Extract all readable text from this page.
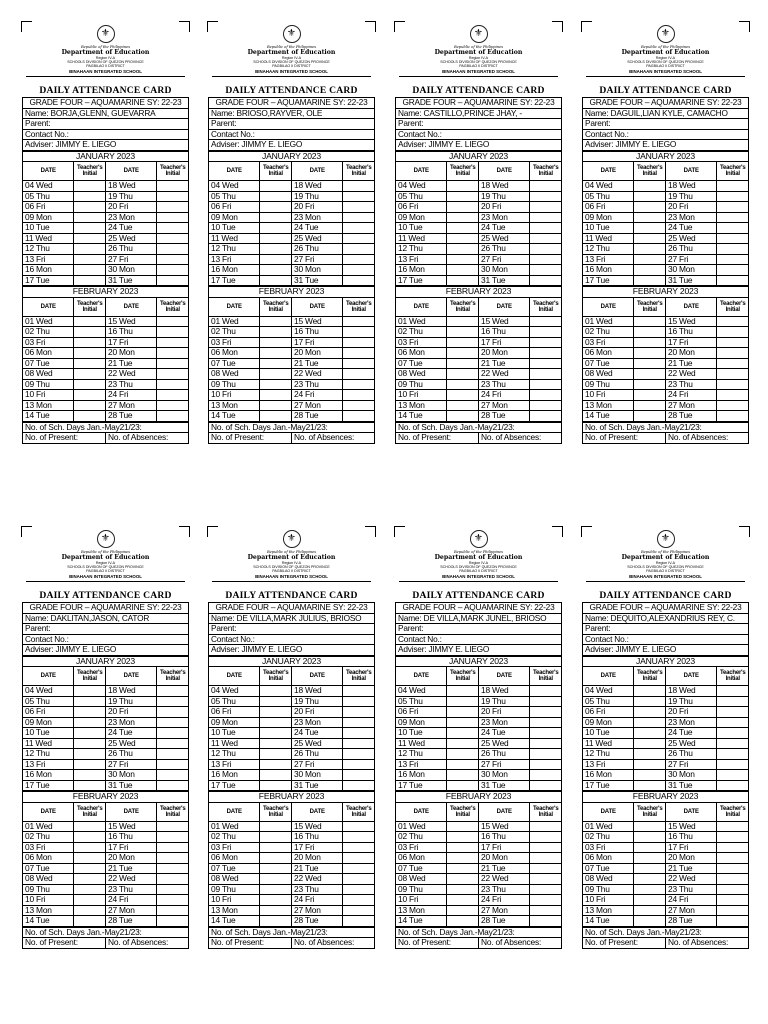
⚜
Republic of the Philippines
Department of Education
Region IV-A
SCHOOLS DIVISION OF QUEZON PROVINCE
PAGBILAO II DISTRICT
BINAHAAN INTEGRATED SCHOOL
DAILY ATTENDANCE CARD
GRADE FOUR – AQUAMARINE SY: 22-23
Name: BORJA,GLENN, GUEVARRA
Parent:
Contact No.:
Adviser: JIMMY E. LIEGO
JANUARY 2023			
DATE	Teacher's Initial	DATE	Teacher's Initial
04 Wed		18 Wed	
05 Thu		19 Thu	
06 Fri		20 Fri	
09 Mon		23 Mon	
10 Tue		24 Tue	
11 Wed		25 Wed	
12 Thu		26 Thu	
13 Fri		27 Fri	
16 Mon		30 Mon	
17 Tue		31 Tue	
FEBRUARY 2023			
DATE	Teacher's Initial	DATE	Teacher's Initial
01 Wed		15 Wed	
02 Thu		16 Thu	
03 Fri		17 Fri	
06 Mon		20 Mon	
07 Tue		21 Tue	
08 Wed		22 Wed	
09 Thu		23 Thu	
10 Fri		24 Fri	
13 Mon		27 Mon	
14 Tue		28 Tue	
No. of Sch. Days Jan.-May21/23:
No. of Present:	No. of Absences:
⚜
Republic of the Philippines
Department of Education
Region IV-A
SCHOOLS DIVISION OF QUEZON PROVINCE
PAGBILAO II DISTRICT
BINAHAAN INTEGRATED SCHOOL
DAILY ATTENDANCE CARD
GRADE FOUR – AQUAMARINE SY: 22-23
Name: BRIOSO,RAYVER, OLE
Parent:
Contact No.:
Adviser: JIMMY E. LIEGO
JANUARY 2023			
DATE	Teacher's Initial	DATE	Teacher's Initial
04 Wed		18 Wed	
05 Thu		19 Thu	
06 Fri		20 Fri	
09 Mon		23 Mon	
10 Tue		24 Tue	
11 Wed		25 Wed	
12 Thu		26 Thu	
13 Fri		27 Fri	
16 Mon		30 Mon	
17 Tue		31 Tue	
FEBRUARY 2023			
DATE	Teacher's Initial	DATE	Teacher's Initial
01 Wed		15 Wed	
02 Thu		16 Thu	
03 Fri		17 Fri	
06 Mon		20 Mon	
07 Tue		21 Tue	
08 Wed		22 Wed	
09 Thu		23 Thu	
10 Fri		24 Fri	
13 Mon		27 Mon	
14 Tue		28 Tue	
No. of Sch. Days Jan.-May21/23:
No. of Present:	No. of Absences:
⚜
Republic of the Philippines
Department of Education
Region IV-A
SCHOOLS DIVISION OF QUEZON PROVINCE
PAGBILAO II DISTRICT
BINAHAAN INTEGRATED SCHOOL
DAILY ATTENDANCE CARD
GRADE FOUR – AQUAMARINE SY: 22-23
Name: CASTILLO,PRINCE JHAY, -
Parent:
Contact No.:
Adviser: JIMMY E. LIEGO
JANUARY 2023			
DATE	Teacher's Initial	DATE	Teacher's Initial
04 Wed		18 Wed	
05 Thu		19 Thu	
06 Fri		20 Fri	
09 Mon		23 Mon	
10 Tue		24 Tue	
11 Wed		25 Wed	
12 Thu		26 Thu	
13 Fri		27 Fri	
16 Mon		30 Mon	
17 Tue		31 Tue	
FEBRUARY 2023			
DATE	Teacher's Initial	DATE	Teacher's Initial
01 Wed		15 Wed	
02 Thu		16 Thu	
03 Fri		17 Fri	
06 Mon		20 Mon	
07 Tue		21 Tue	
08 Wed		22 Wed	
09 Thu		23 Thu	
10 Fri		24 Fri	
13 Mon		27 Mon	
14 Tue		28 Tue	
No. of Sch. Days Jan.-May21/23:
No. of Present:	No. of Absences:
⚜
Republic of the Philippines
Department of Education
Region IV-A
SCHOOLS DIVISION OF QUEZON PROVINCE
PAGBILAO II DISTRICT
BINAHAAN INTEGRATED SCHOOL
DAILY ATTENDANCE CARD
GRADE FOUR – AQUAMARINE SY: 22-23
Name: DAGUIL,LIAN KYLE, CAMACHO
Parent:
Contact No.:
Adviser: JIMMY E. LIEGO
JANUARY 2023			
DATE	Teacher's Initial	DATE	Teacher's Initial
04 Wed		18 Wed	
05 Thu		19 Thu	
06 Fri		20 Fri	
09 Mon		23 Mon	
10 Tue		24 Tue	
11 Wed		25 Wed	
12 Thu		26 Thu	
13 Fri		27 Fri	
16 Mon		30 Mon	
17 Tue		31 Tue	
FEBRUARY 2023			
DATE	Teacher's Initial	DATE	Teacher's Initial
01 Wed		15 Wed	
02 Thu		16 Thu	
03 Fri		17 Fri	
06 Mon		20 Mon	
07 Tue		21 Tue	
08 Wed		22 Wed	
09 Thu		23 Thu	
10 Fri		24 Fri	
13 Mon		27 Mon	
14 Tue		28 Tue	
No. of Sch. Days Jan.-May21/23:
No. of Present:	No. of Absences:
⚜
Republic of the Philippines
Department of Education
Region IV-A
SCHOOLS DIVISION OF QUEZON PROVINCE
PAGBILAO II DISTRICT
BINAHAAN INTEGRATED SCHOOL
DAILY ATTENDANCE CARD
GRADE FOUR – AQUAMARINE SY: 22-23
Name: DAKLITAN,JASON, CATOR
Parent:
Contact No.:
Adviser: JIMMY E. LIEGO
JANUARY 2023			
DATE	Teacher's Initial	DATE	Teacher's Initial
04 Wed		18 Wed	
05 Thu		19 Thu	
06 Fri		20 Fri	
09 Mon		23 Mon	
10 Tue		24 Tue	
11 Wed		25 Wed	
12 Thu		26 Thu	
13 Fri		27 Fri	
16 Mon		30 Mon	
17 Tue		31 Tue	
FEBRUARY 2023			
DATE	Teacher's Initial	DATE	Teacher's Initial
01 Wed		15 Wed	
02 Thu		16 Thu	
03 Fri		17 Fri	
06 Mon		20 Mon	
07 Tue		21 Tue	
08 Wed		22 Wed	
09 Thu		23 Thu	
10 Fri		24 Fri	
13 Mon		27 Mon	
14 Tue		28 Tue	
No. of Sch. Days Jan.-May21/23:
No. of Present:	No. of Absences:
⚜
Republic of the Philippines
Department of Education
Region IV-A
SCHOOLS DIVISION OF QUEZON PROVINCE
PAGBILAO II DISTRICT
BINAHAAN INTEGRATED SCHOOL
DAILY ATTENDANCE CARD
GRADE FOUR – AQUAMARINE SY: 22-23
Name: DE VILLA,MARK JULIUS, BRIOSO
Parent:
Contact No.:
Adviser: JIMMY E. LIEGO
JANUARY 2023			
DATE	Teacher's Initial	DATE	Teacher's Initial
04 Wed		18 Wed	
05 Thu		19 Thu	
06 Fri		20 Fri	
09 Mon		23 Mon	
10 Tue		24 Tue	
11 Wed		25 Wed	
12 Thu		26 Thu	
13 Fri		27 Fri	
16 Mon		30 Mon	
17 Tue		31 Tue	
FEBRUARY 2023			
DATE	Teacher's Initial	DATE	Teacher's Initial
01 Wed		15 Wed	
02 Thu		16 Thu	
03 Fri		17 Fri	
06 Mon		20 Mon	
07 Tue		21 Tue	
08 Wed		22 Wed	
09 Thu		23 Thu	
10 Fri		24 Fri	
13 Mon		27 Mon	
14 Tue		28 Tue	
No. of Sch. Days Jan.-May21/23:
No. of Present:	No. of Absences:
⚜
Republic of the Philippines
Department of Education
Region IV-A
SCHOOLS DIVISION OF QUEZON PROVINCE
PAGBILAO II DISTRICT
BINAHAAN INTEGRATED SCHOOL
DAILY ATTENDANCE CARD
GRADE FOUR – AQUAMARINE SY: 22-23
Name: DE VILLA,MARK JUNEL, BRIOSO
Parent:
Contact No.:
Adviser: JIMMY E. LIEGO
JANUARY 2023			
DATE	Teacher's Initial	DATE	Teacher's Initial
04 Wed		18 Wed	
05 Thu		19 Thu	
06 Fri		20 Fri	
09 Mon		23 Mon	
10 Tue		24 Tue	
11 Wed		25 Wed	
12 Thu		26 Thu	
13 Fri		27 Fri	
16 Mon		30 Mon	
17 Tue		31 Tue	
FEBRUARY 2023			
DATE	Teacher's Initial	DATE	Teacher's Initial
01 Wed		15 Wed	
02 Thu		16 Thu	
03 Fri		17 Fri	
06 Mon		20 Mon	
07 Tue		21 Tue	
08 Wed		22 Wed	
09 Thu		23 Thu	
10 Fri		24 Fri	
13 Mon		27 Mon	
14 Tue		28 Tue	
No. of Sch. Days Jan.-May21/23:
No. of Present:	No. of Absences:
⚜
Republic of the Philippines
Department of Education
Region IV-A
SCHOOLS DIVISION OF QUEZON PROVINCE
PAGBILAO II DISTRICT
BINAHAAN INTEGRATED SCHOOL
DAILY ATTENDANCE CARD
GRADE FOUR – AQUAMARINE SY: 22-23
Name: DEQUITO,ALEXANDRIUS REY, C.
Parent:
Contact No.:
Adviser: JIMMY E. LIEGO
JANUARY 2023			
DATE	Teacher's Initial	DATE	Teacher's Initial
04 Wed		18 Wed	
05 Thu		19 Thu	
06 Fri		20 Fri	
09 Mon		23 Mon	
10 Tue		24 Tue	
11 Wed		25 Wed	
12 Thu		26 Thu	
13 Fri		27 Fri	
16 Mon		30 Mon	
17 Tue		31 Tue	
FEBRUARY 2023			
DATE	Teacher's Initial	DATE	Teacher's Initial
01 Wed		15 Wed	
02 Thu		16 Thu	
03 Fri		17 Fri	
06 Mon		20 Mon	
07 Tue		21 Tue	
08 Wed		22 Wed	
09 Thu		23 Thu	
10 Fri		24 Fri	
13 Mon		27 Mon	
14 Tue		28 Tue	
No. of Sch. Days Jan.-May21/23:
No. of Present:	No. of Absences:
